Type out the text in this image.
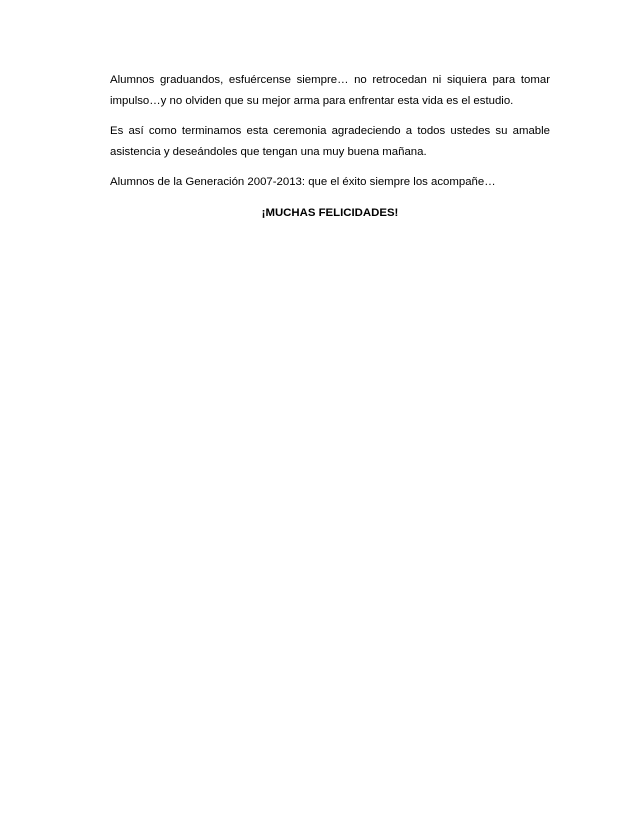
Alumnos graduandos, esfuércense siempre… no retrocedan ni siquiera para tomar impulso…y no olviden que su mejor arma para enfrentar esta vida es el estudio.

Es así como terminamos esta ceremonia agradeciendo a todos ustedes su amable asistencia y deseándoles que tengan una muy buena mañana.

Alumnos de la Generación 2007-2013: que el éxito siempre los acompañe…

¡MUCHAS FELICIDADES!
